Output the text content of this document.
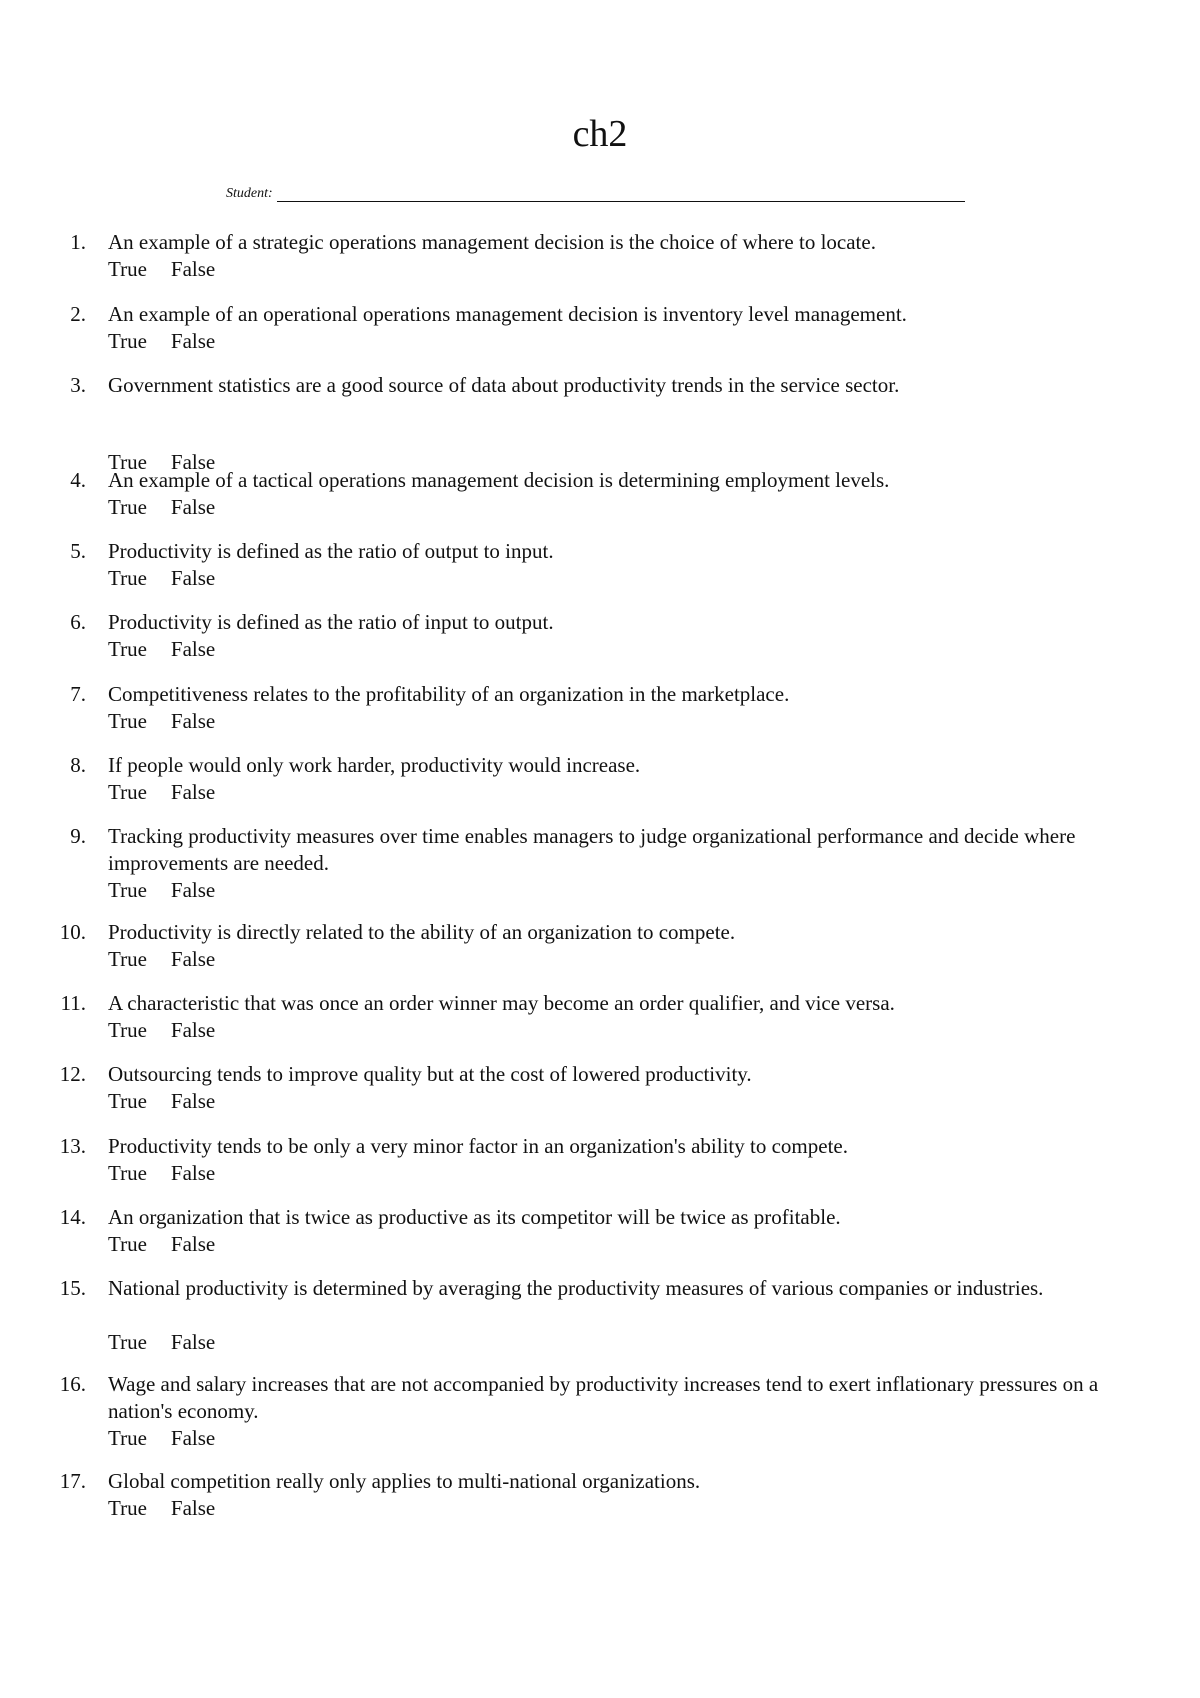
ch2
Student:
1. An example of a strategic operations management decision is the choice of where to locate.
True False
2. An example of an operational operations management decision is inventory level management.
True False
3. Government statistics are a good source of data about productivity trends in the service sector.
True False
4. An example of a tactical operations management decision is determining employment levels.
True False
5. Productivity is defined as the ratio of output to input.
True False
6. Productivity is defined as the ratio of input to output.
True False
7. Competitiveness relates to the profitability of an organization in the marketplace.
True False
8. If people would only work harder, productivity would increase.
True False
9. Tracking productivity measures over time enables managers to judge organizational performance and decide where improvements are needed.
True False
10. Productivity is directly related to the ability of an organization to compete.
True False
11. A characteristic that was once an order winner may become an order qualifier, and vice versa.
True False
12. Outsourcing tends to improve quality but at the cost of lowered productivity.
True False
13. Productivity tends to be only a very minor factor in an organization's ability to compete.
True False
14. An organization that is twice as productive as its competitor will be twice as profitable.
True False
15. National productivity is determined by averaging the productivity measures of various companies or industries.
True False
16. Wage and salary increases that are not accompanied by productivity increases tend to exert inflationary pressures on a nation's economy.
True False
17. Global competition really only applies to multi-national organizations.
True False
